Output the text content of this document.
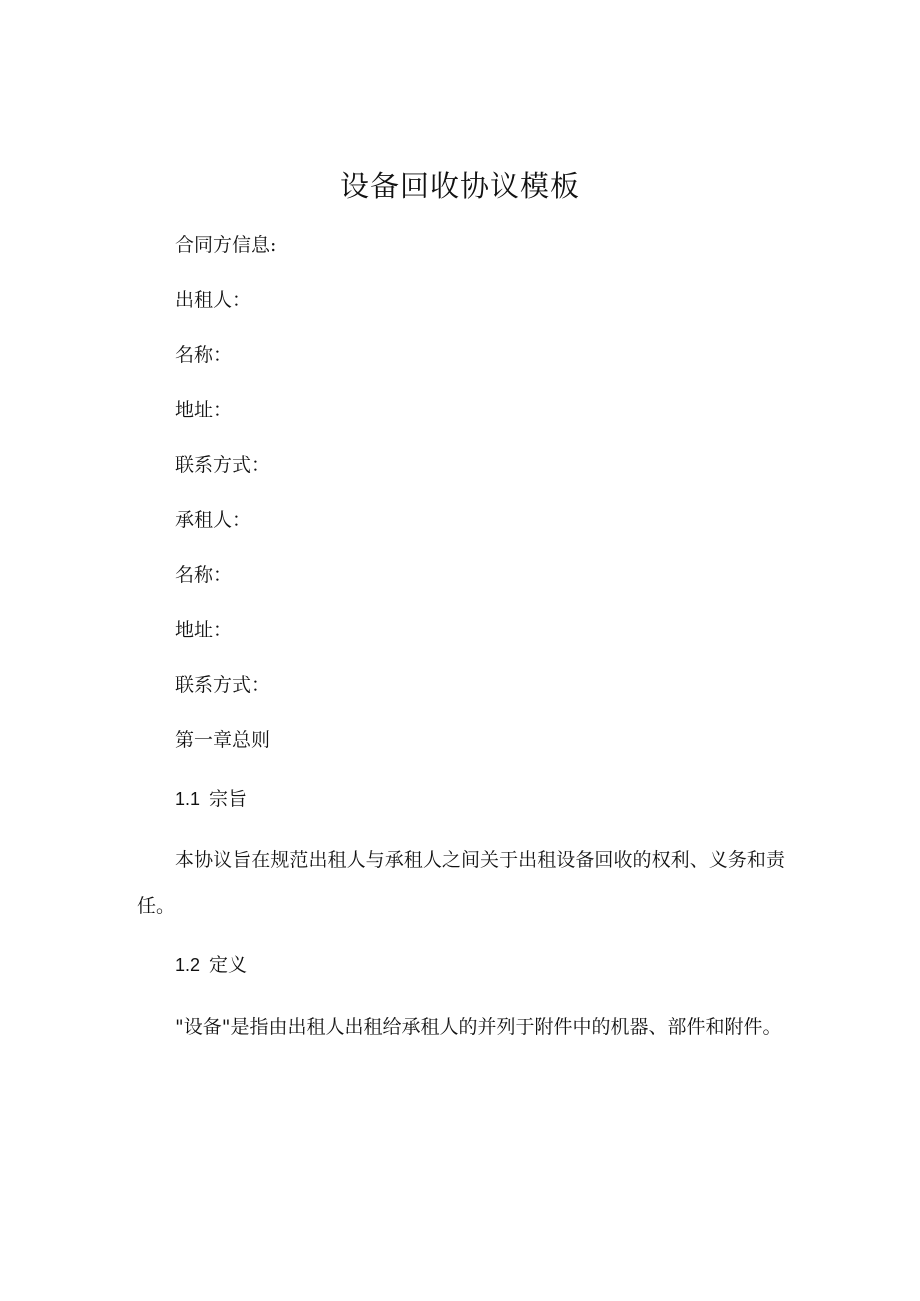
设备回收协议模板
合同方信息:
出租人：
名称：
地址：
联系方式：
承租人：
名称：
地址：
联系方式：
第一章总则
1.1 宗旨
本协议旨在规范出租人与承租人之间关于出租设备回收的权利、义务和责任。
1.2 定义
"设备"是指由出租人出租给承租人的并列于附件中的机器、部件和附件。
